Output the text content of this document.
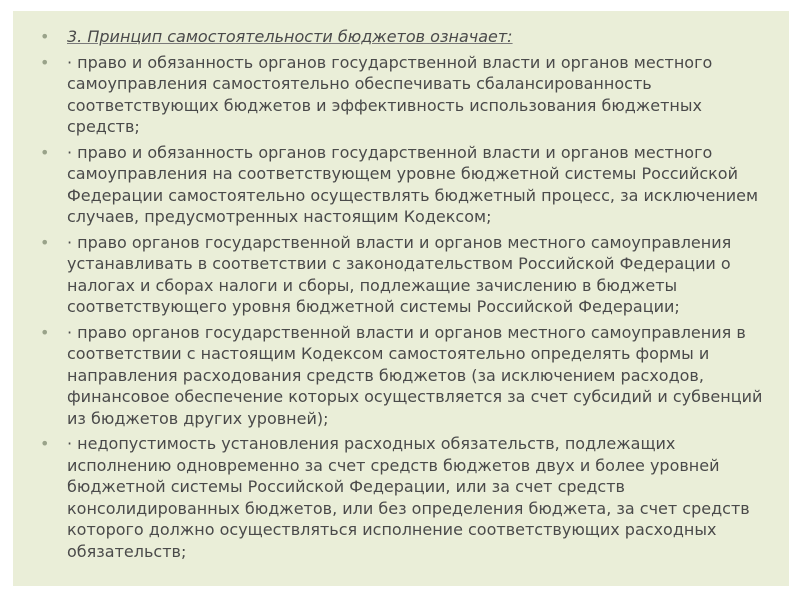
• 3. Принцип самостоятельности бюджетов означает:
• · право и обязанность органов государственной власти и органов местного самоуправления самостоятельно обеспечивать сбалансированность соответствующих бюджетов и эффективность использования бюджетных средств;
• · право и обязанность органов государственной власти и органов местного самоуправления на соответствующем уровне бюджетной системы Российской Федерации самостоятельно осуществлять бюджетный процесс, за исключением случаев, предусмотренных настоящим Кодексом;
• · право органов государственной власти и органов местного самоуправления устанавливать в соответствии с законодательством Российской Федерации о налогах и сборах налоги и сборы, подлежащие зачислению в бюджеты соответствующего уровня бюджетной системы Российской Федерации;
• · право органов государственной власти и органов местного самоуправления в соответствии с настоящим Кодексом самостоятельно определять формы и направления расходования средств бюджетов (за исключением расходов, финансовое обеспечение которых осуществляется за счет субсидий и субвенций из бюджетов других уровней);
• · недопустимость установления расходных обязательств, подлежащих исполнению одновременно за счет средств бюджетов двух и более уровней бюджетной системы Российской Федерации, или за счет средств консолидированных бюджетов, или без определения бюджета, за счет средств которого должно осуществляться исполнение соответствующих расходных обязательств;
